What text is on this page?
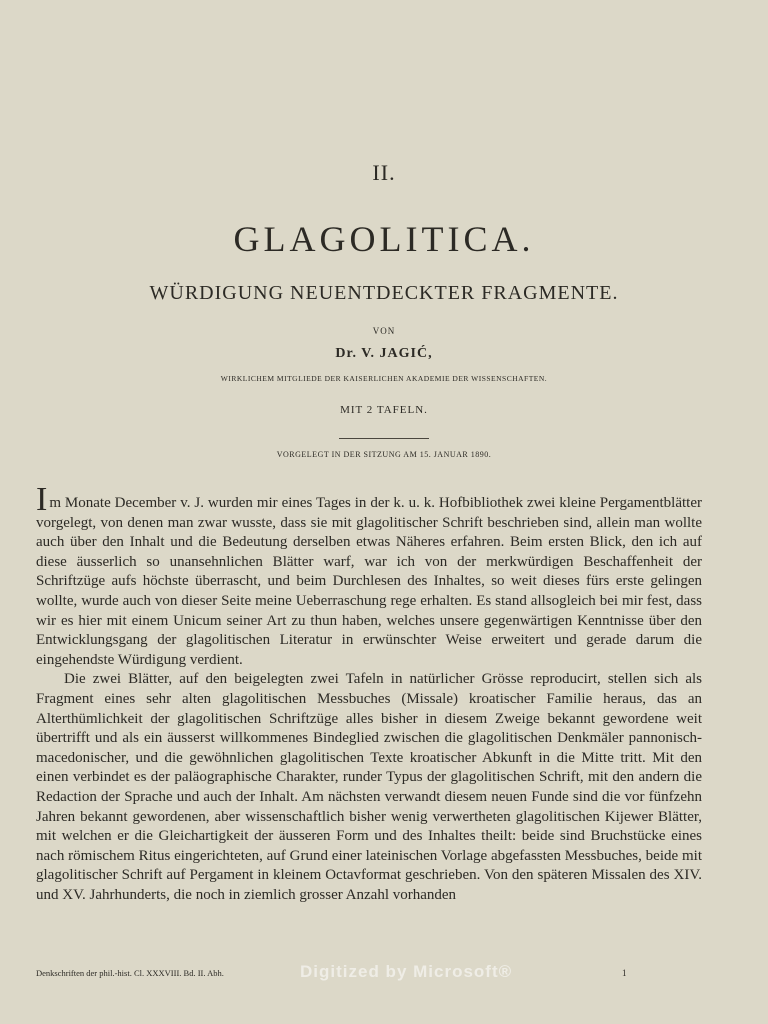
II.
GLAGOLITICA.
WÜRDIGUNG NEUENTDECKTER FRAGMENTE.
VON
Dr. V. JAGIĆ,
WIRKLICHEM MITGLIEDE DER KAISERLICHEN AKADEMIE DER WISSENSCHAFTEN.
MIT 2 TAFELN.
VORGELEGT IN DER SITZUNG AM 15. JANUAR 1890.

Im Monate December v. J. wurden mir eines Tages in der k. u. k. Hofbibliothek zwei kleine Pergamentblätter vorgelegt, von denen man zwar wusste, dass sie mit glagolitischer Schrift beschrieben sind, allein man wollte auch über den Inhalt und die Bedeutung derselben etwas Näheres erfahren. Beim ersten Blick, den ich auf diese äusserlich so unansehnlichen Blätter warf, war ich von der merkwürdigen Beschaffenheit der Schriftzüge aufs höchste überrascht, und beim Durchlesen des Inhaltes, so weit dieses fürs erste gelingen wollte, wurde auch von dieser Seite meine Ueberraschung rege erhalten. Es stand allsogleich bei mir fest, dass wir es hier mit einem Unicum seiner Art zu thun haben, welches unsere gegenwärtigen Kenntnisse über den Entwicklungsgang der glagolitischen Literatur in erwünschter Weise erweitert und gerade darum die eingehendste Würdigung verdient.

Die zwei Blätter, auf den beigelegten zwei Tafeln in natürlicher Grösse reproducirt, stellen sich als Fragment eines sehr alten glagolitischen Messbuches (Missale) kroatischer Familie heraus, das an Alterthümlichkeit der glagolitischen Schriftzüge alles bisher in diesem Zweige bekannt gewordene weit übertrifft und als ein äusserst willkommenes Bindeglied zwischen die glagolitischen Denkmäler pannonisch-macedonischer, und die gewöhnlichen glagolitischen Texte kroatischer Abkunft in die Mitte tritt. Mit den einen verbindet es der paläographische Charakter, runder Typus der glagolitischen Schrift, mit den andern die Redaction der Sprache und auch der Inhalt. Am nächsten verwandt diesem neuen Funde sind die vor fünfzehn Jahren bekannt gewordenen, aber wissenschaftlich bisher wenig verwertheten glagolitischen Kijewer Blätter, mit welchen er die Gleichartigkeit der äusseren Form und des Inhaltes theilt: beide sind Bruchstücke eines nach römischem Ritus eingerichteten, auf Grund einer lateinischen Vorlage abgefassten Messbuches, beide mit glagolitischer Schrift auf Pergament in kleinem Octavformat geschrieben. Von den späteren Missalen des XIV. und XV. Jahrhunderts, die noch in ziemlich grosser Anzahl vorhanden

Denkschriften der phil.-hist. Cl. XXXVIII. Bd. II. Abh.	Digitized by Microsoft®	1
